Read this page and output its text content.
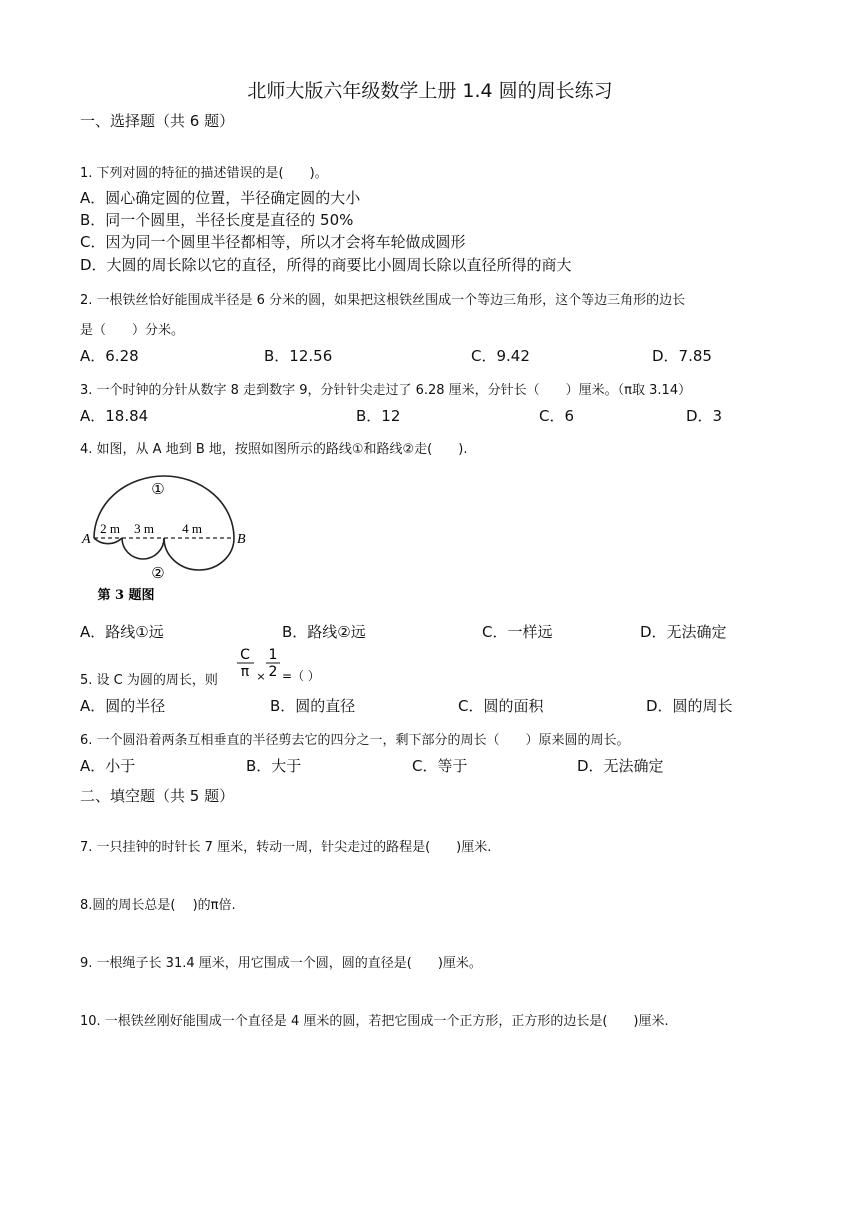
北师大版六年级数学上册 1.4 圆的周长练习
一、选择题（共 6 题）
1. 下列对圆的特征的描述错误的是(　　)。
A．圆心确定圆的位置，半径确定圆的大小
B．同一个圆里，半径长度是直径的 50%
C．因为同一个圆里半径都相等，所以才会将车轮做成圆形
D．大圆的周长除以它的直径，所得的商要比小圆周长除以直径所得的商大
2. 一根铁丝恰好能围成半径是 6 分米的圆，如果把这根铁丝围成一个等边三角形，这个等边三角形的边长
是（　　）分米。
A．6.28	B．12.56	C．9.42	D．7.85
3. 一个时钟的分针从数字 8 走到数字 9，分针针尖走过了 6.28 厘米，分针长（　　）厘米。（π取 3.14）
A．18.84	B．12	C．6	D．3
4. 如图，从 A 地到 B 地，按照如图所示的路线①和路线②走(　　).
①
②
2 m 3 m 4 m
A	B
第 3 题图
A．路线①远	B．路线②远	C．一样远	D．无法确定
5. 设 C 为圆的周长，则
C
π ×
1
2 =（ ）
A．圆的半径	B．圆的直径	C．圆的面积	D．圆的周长
6. 一个圆沿着两条互相垂直的半径剪去它的四分之一，剩下部分的周长（　　）原来圆的周长。
A．小于	B．大于	C．等于	D．无法确定
二、填空题（共 5 题）
7. 一只挂钟的时针长 7 厘米，转动一周，针尖走过的路程是(　　)厘米.
8.圆的周长总是(　 )的π倍.
9. 一根绳子长 31.4 厘米，用它围成一个圆，圆的直径是(　　)厘米。
10. 一根铁丝刚好能围成一个直径是 4 厘米的圆，若把它围成一个正方形，正方形的边长是(　　)厘米.
